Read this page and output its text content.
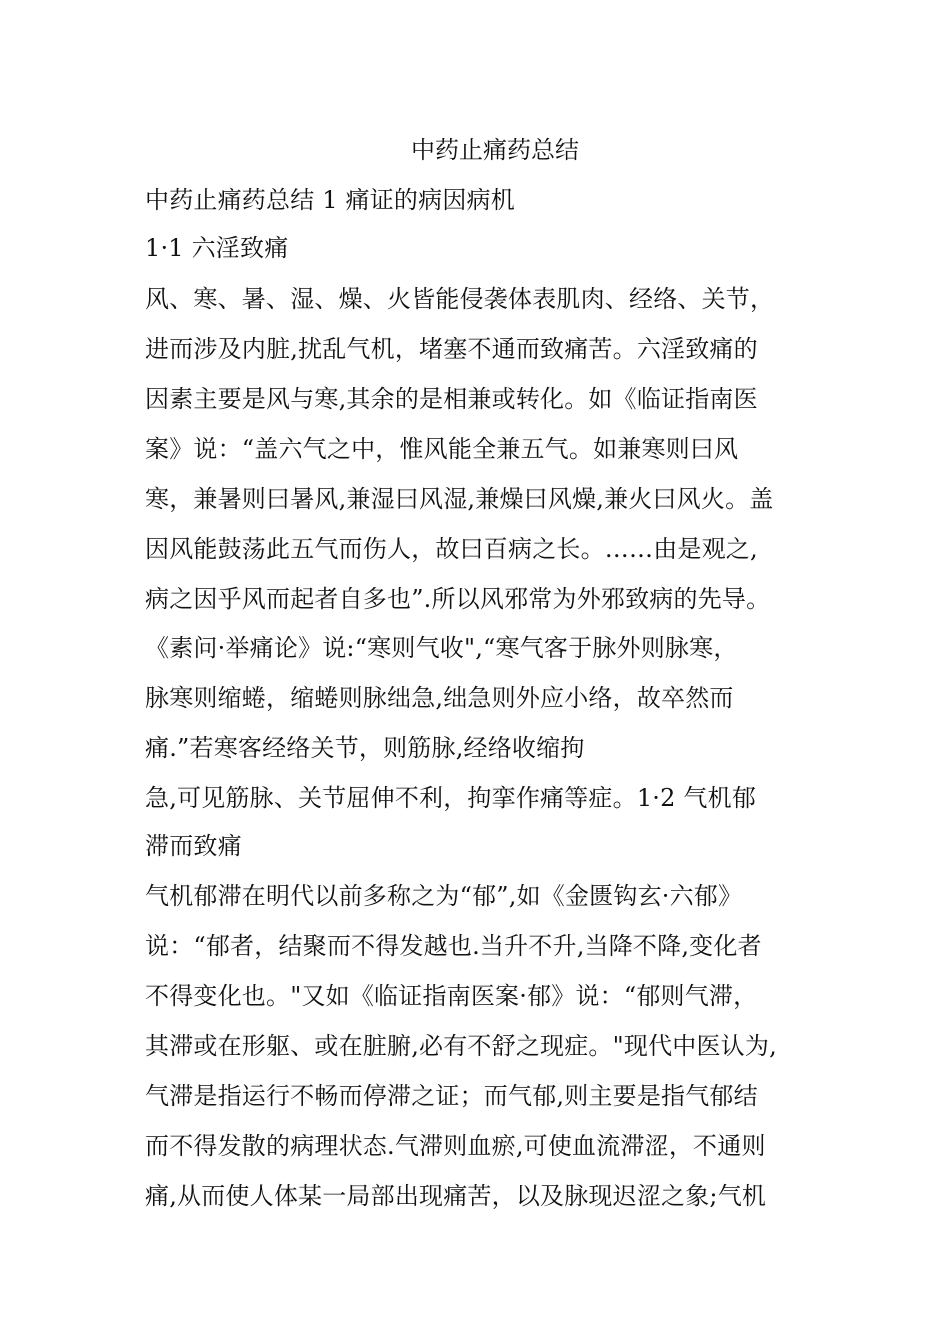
中药止痛药总结
中药止痛药总结 1 痛证的病因病机
1·1 六淫致痛
风、寒、暑、湿、燥、火皆能侵袭体表肌肉、经络、关节，
进而涉及内脏,扰乱气机，堵塞不通而致痛苦。六淫致痛的
因素主要是风与寒,其余的是相兼或转化。如《临证指南医
案》说：“盖六气之中，惟风能全兼五气。如兼寒则曰风
寒，兼暑则曰暑风,兼湿曰风湿,兼燥曰风燥,兼火曰风火。盖
因风能鼓荡此五气而伤人，故曰百病之长。……由是观之,
病之因乎风而起者自多也”.所以风邪常为外邪致病的先导。
《素问·举痛论》说:“寒则气收",“寒气客于脉外则脉寒，
脉寒则缩蜷，缩蜷则脉绌急,绌急则外应小络，故卒然而
痛.”若寒客经络关节，则筋脉,经络收缩拘
急,可见筋脉、关节屈伸不利，拘挛作痛等症。1·2 气机郁
滞而致痛
气机郁滞在明代以前多称之为“郁”,如《金匮钩玄·六郁》
说：“郁者，结聚而不得发越也.当升不升,当降不降,变化者
不得变化也。"又如《临证指南医案·郁》说：“郁则气滞，
其滞或在形躯、或在脏腑,必有不舒之现症。"现代中医认为,
气滞是指运行不畅而停滞之证；而气郁,则主要是指气郁结
而不得发散的病理状态.气滞则血瘀,可使血流滞涩，不通则
痛,从而使人体某一局部出现痛苦，以及脉现迟涩之象;气机
